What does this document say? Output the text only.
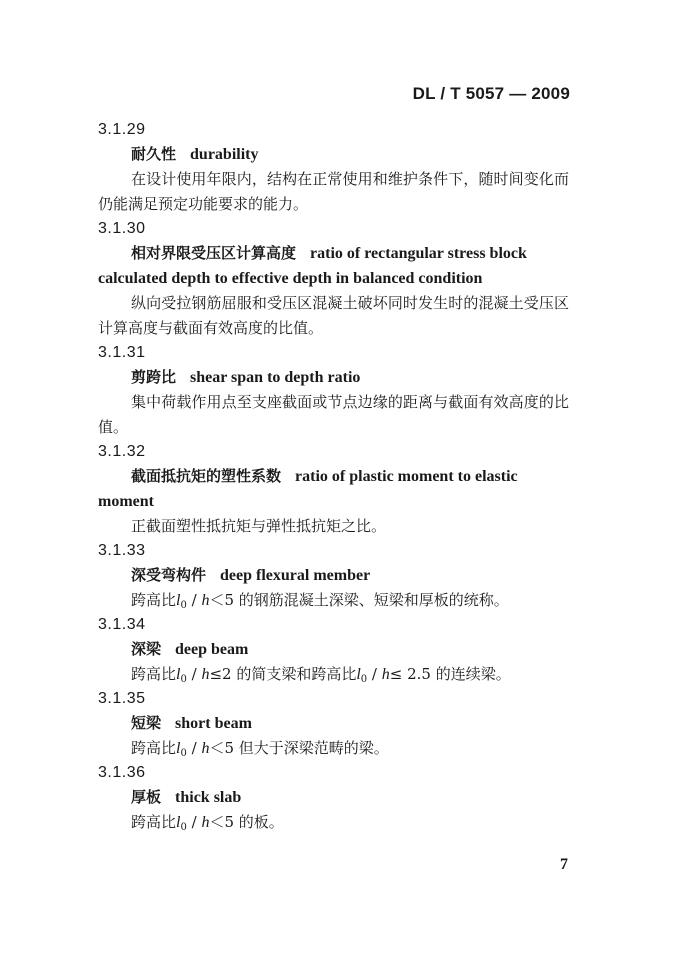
DL / T 5057 — 2009
3.1.29
耐久性 durability

在设计使用年限内，结构在正常使用和维护条件下，随时间变化而仍能满足预定功能要求的能力。

3.1.30
相对界限受压区计算高度 ratio of rectangular stress block
calculated depth to effective depth in balanced condition

纵向受拉钢筋屈服和受压区混凝土破坏同时发生时的混凝土受压区计算高度与截面有效高度的比值。

3.1.31
剪跨比 shear span to depth ratio

集中荷载作用点至支座截面或节点边缘的距离与截面有效高度的比值。

3.1.32
截面抵抗矩的塑性系数 ratio of plastic moment to elastic
moment

正截面塑性抵抗矩与弹性抵抗矩之比。

3.1.33
深受弯构件 deep flexural member

跨高比$l_0 / h<5$ 的钢筋混凝土深梁、短梁和厚板的统称。

3.1.34
深梁 deep beam

跨高比$l_0 / h\le 2$ 的简支梁和跨高比$l_0 / h\le 2.5$ 的连续梁。

3.1.35
短梁 short beam

跨高比$l_0 / h<5$ 但大于深梁范畴的梁。

3.1.36
厚板 thick slab

跨高比$l_0 / h<5$ 的板。

7
